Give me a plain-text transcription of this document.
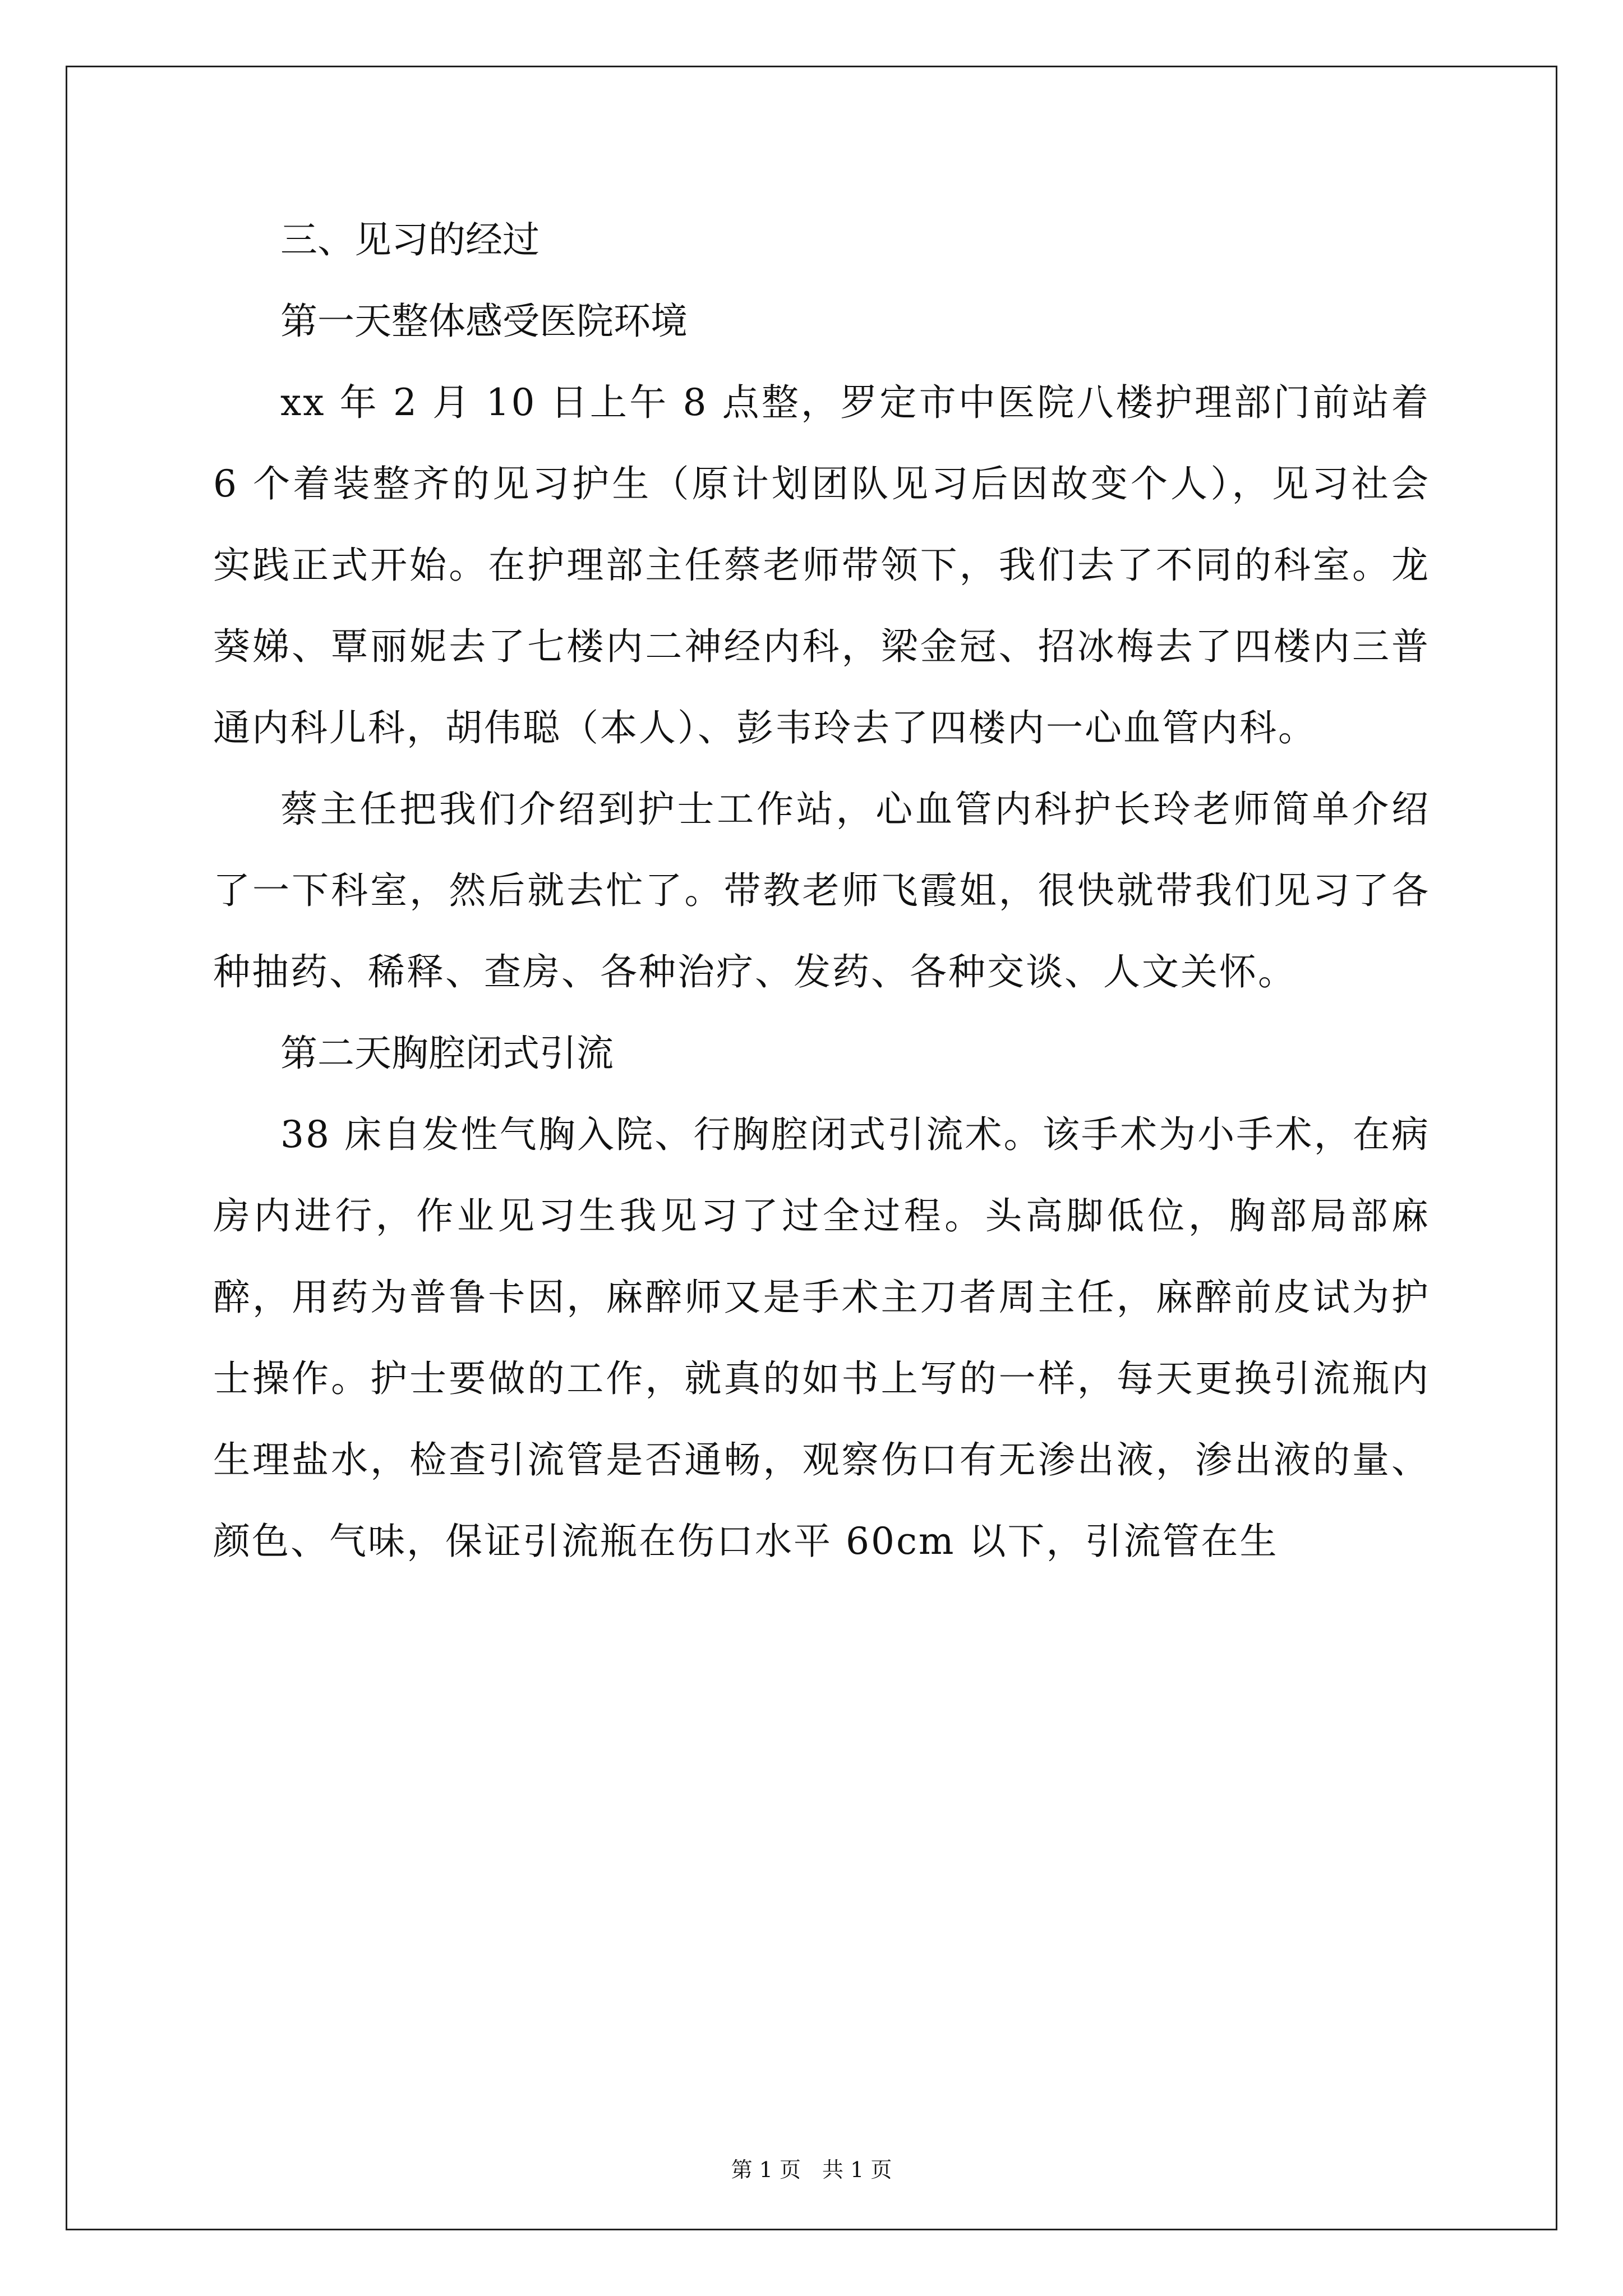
三、见习的经过

第一天整体感受医院环境

xx 年 2 月 10 日上午 8 点整，罗定市中医院八楼护理部门前站着 6 个着装整齐的见习护生（原计划团队见习后因故变个人），见习社会实践正式开始。在护理部主任蔡老师带领下，我们去了不同的科室。龙葵娣、覃丽妮去了七楼内二神经内科，梁金冠、招冰梅去了四楼内三普通内科儿科，胡伟聪（本人）、彭韦玲去了四楼内一心血管内科。

蔡主任把我们介绍到护士工作站，心血管内科护长玲老师简单介绍了一下科室，然后就去忙了。带教老师飞霞姐，很快就带我们见习了各种抽药、稀释、查房、各种治疗、发药、各种交谈、人文关怀。

第二天胸腔闭式引流

38 床自发性气胸入院、行胸腔闭式引流术。该手术为小手术，在病房内进行，作业见习生我见习了过全过程。头高脚低位，胸部局部麻醉，用药为普鲁卡因，麻醉师又是手术主刀者周主任，麻醉前皮试为护士操作。护士要做的工作，就真的如书上写的一样，每天更换引流瓶内生理盐水，检查引流管是否通畅，观察伤口有无渗出液，渗出液的量、颜色、气味，保证引流瓶在伤口水平 60cm 以下，引流管在生

第 1 页　共 1 页
